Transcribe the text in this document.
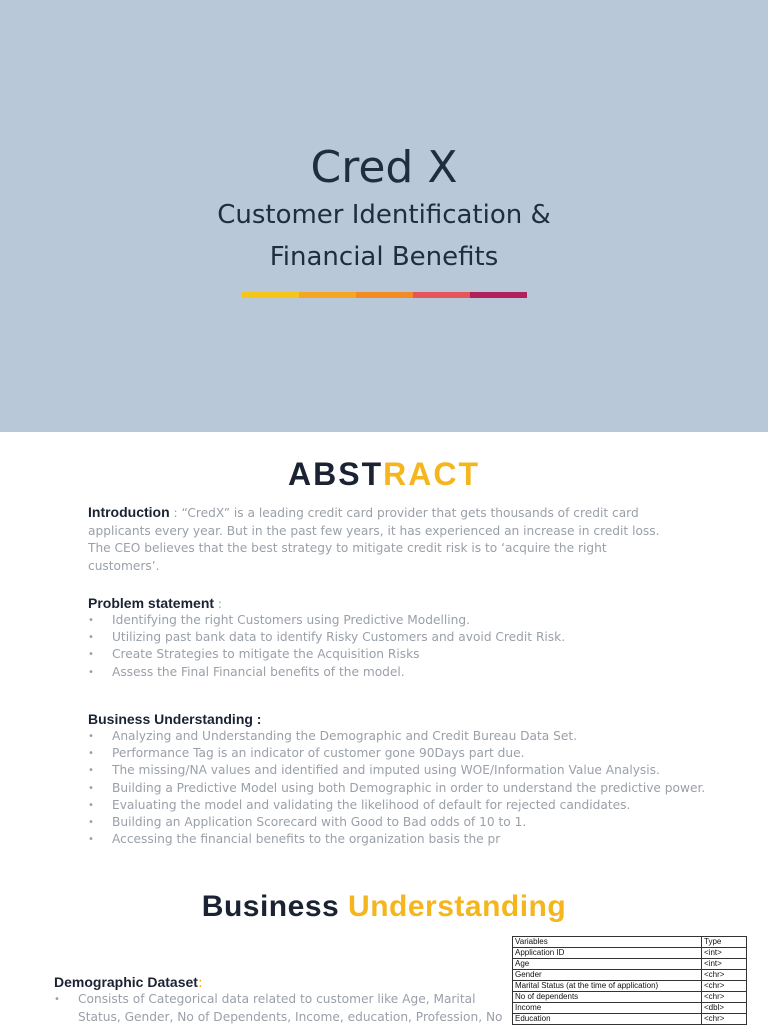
Cred X
Customer Identification &
Financial Benefits
ABSTRACT
Introduction : “CredX” is a leading credit card provider that gets thousands of credit card applicants every year. But in the past few years, it has experienced an increase in credit loss. The CEO believes that the best strategy to mitigate credit risk is to ‘acquire the right customers’.
Problem statement :
• Identifying the right Customers using Predictive Modelling.
• Utilizing past bank data to identify Risky Customers and avoid Credit Risk.
• Create Strategies to mitigate the Acquisition Risks
• Assess the Final Financial benefits of the model.
Business Understanding :
• Analyzing and Understanding the Demographic and Credit Bureau Data Set.
• Performance Tag is an indicator of customer gone 90Days part due.
• The missing/NA values and identified and imputed using WOE/Information Value Analysis.
• Building a Predictive Model using both Demographic in order to understand the predictive power.
• Evaluating the model and validating the likelihood of default for rejected candidates.
• Building an Application Scorecard with Good to Bad odds of 10 to 1.
• Accessing the financial benefits to the organization basis the pr
Business Understanding
Demographic Dataset:
• Consists of Categorical data related to customer like Age, Marital Status, Gender, No of Dependents, Income, education, Profession, No
Variables	Type
Application ID	<int>
Age	<int>
Gender	<chr>
Marital Status (at the time of application)	<chr>
No of dependents	<chr>
Income	<dbl>
Education	<chr>
